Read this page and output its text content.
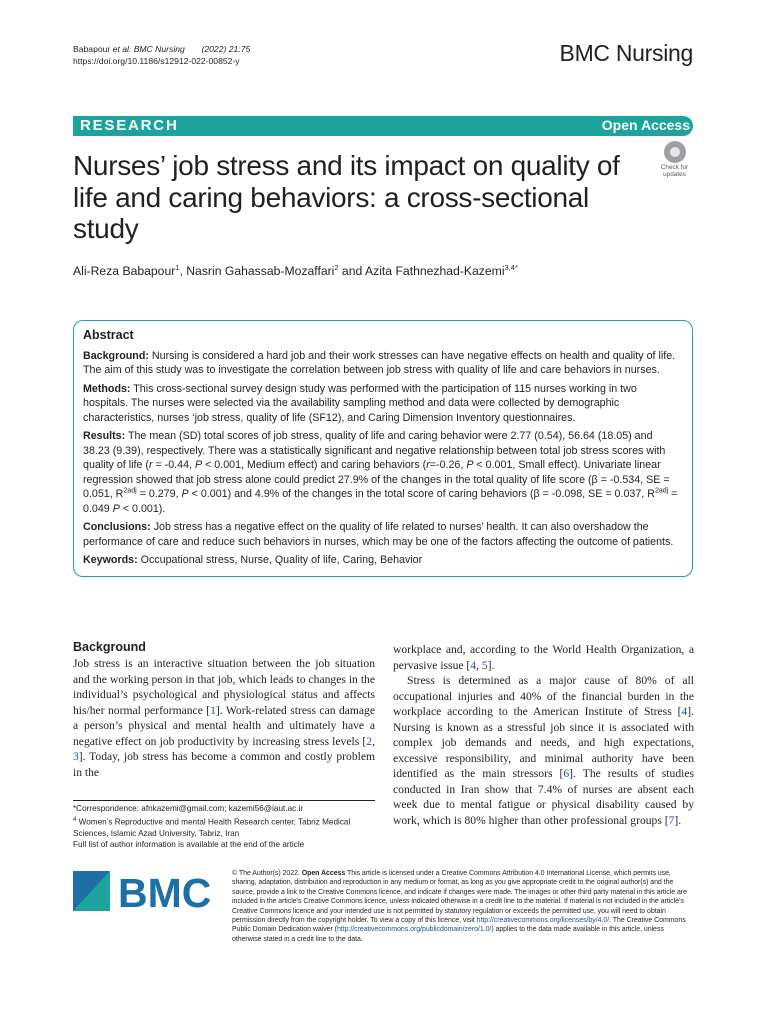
Babapour et al. BMC Nursing (2022) 21:75
https://doi.org/10.1186/s12912-022-00852-y	BMC Nursing
RESEARCH	Open Access
Nurses’ job stress and its impact on quality of life and caring behaviors: a cross-sectional study
Check for
updates
Ali-Reza Babapour$^1$, Nasrin Gahassab-Mozaffari$^2$ and Azita Fathnezhad-Kazemi$^{3,4*}$
Abstract

Background: Nursing is considered a hard job and their work stresses can have negative effects on health and quality of life. The aim of this study was to investigate the correlation between job stress with quality of life and care behaviors in nurses.

Methods: This cross-sectional survey design study was performed with the participation of 115 nurses working in two hospitals. The nurses were selected via the availability sampling method and data were collected by demographic characteristics, nurses ‘job stress, quality of life (SF12), and Caring Dimension Inventory questionnaires.

Results: The mean (SD) total scores of job stress, quality of life and caring behavior were 2.77 (0.54), 56.64 (18.05) and 38.23 (9.39), respectively. There was a statistically significant and negative relationship between total job stress scores with quality of life (r = -0.44, P < 0.001, Medium effect) and caring behaviors (r=-0.26, P < 0.001, Small effect). Univariate linear regression showed that job stress alone could predict 27.9% of the changes in the total quality of life score (β = -0.534, SE = 0.051, $R^{2adj} = 0.279$, P < 0.001) and 4.9% of the changes in the total score of caring behaviors (β = -0.098, SE = 0.037, $R^{2adj} = 0.049$ P < 0.001).

Conclusions: Job stress has a negative effect on the quality of life related to nurses’ health. It can also overshadow the performance of care and reduce such behaviors in nurses, which may be one of the factors affecting the outcome of patients.

Keywords: Occupational stress, Nurse, Quality of life, Caring, Behavior

Background
Job stress is an interactive situation between the job situation and the working person in that job, which leads to changes in the individual’s psychological and physiological status and affects his/her normal performance [1]. Work-related stress can damage a person’s physical and mental health and ultimately have a negative effect on job productivity by increasing stress levels [2, 3]. Today, job stress has become a common and costly problem in the

workplace and, according to the World Health Organization, a pervasive issue [4, 5].

Stress is determined as a major cause of 80% of all occupational injuries and 40% of the financial burden in the workplace according to the American Institute of Stress [4]. Nursing is known as a stressful job since it is associated with complex job demands and needs, and high expectations, excessive responsibility, and minimal authority have been identified as the main stressors [6]. The results of studies conducted in Iran show that 7.4% of nurses are absent each week due to mental fatigue or physical disability caused by work, which is 80% higher than other professional groups [7].

*Correspondence: afnkazemi@gmail.com; kazemi56@iaut.ac.ir
$^4$ Women’s Reproductive and mental Health Research center, Tabriz Medical Sciences, Islamic Azad University, Tabriz, Iran
Full list of author information is available at the end of the article
BMC	© The Author(s) 2022. Open Access This article is licensed under a Creative Commons Attribution 4.0 International License, which permits use, sharing, adaptation, distribution and reproduction in any medium or format, as long as you give appropriate credit to the original author(s) and the source, provide a link to the Creative Commons licence, and indicate if changes were made. The images or other third party material in this article are included in the article’s Creative Commons licence, unless indicated otherwise in a credit line to the material. If material is not included in the article’s Creative Commons licence and your intended use is not permitted by statutory regulation or exceeds the permitted use, you will need to obtain permission directly from the copyright holder. To view a copy of this licence, visit http://creativecommons.org/licenses/by/4.0/. The Creative Commons Public Domain Dedication waiver (http://creativecommons.org/publicdomain/zero/1.0/) applies to the data made available in this article, unless otherwise stated in a credit line to the data.
